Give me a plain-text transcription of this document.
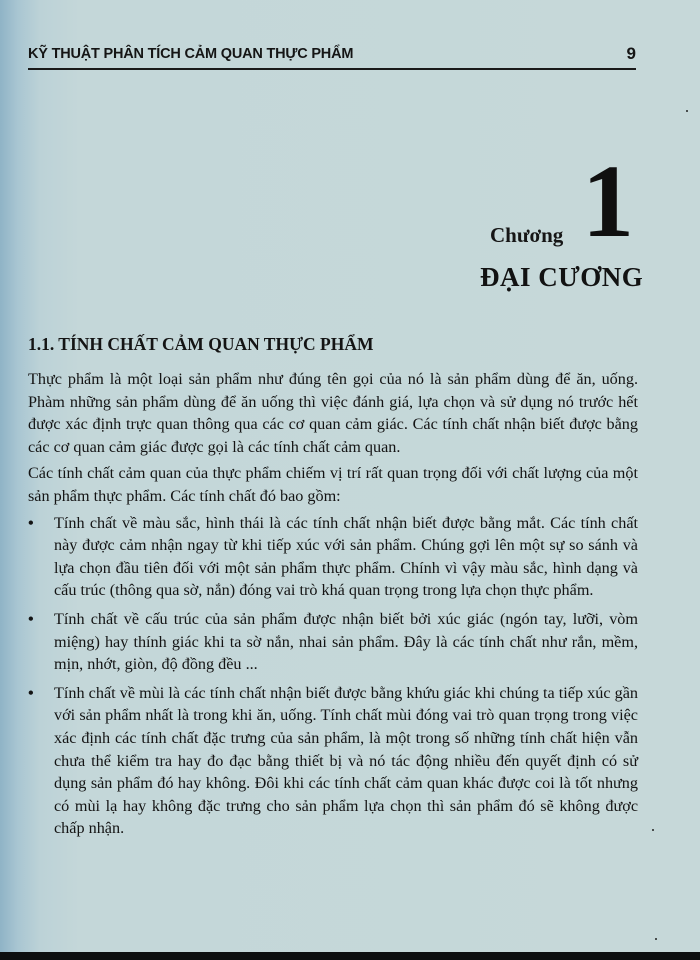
KỸ THUẬT PHÂN TÍCH CẢM QUAN THỰC PHẨM	9
Chương 1
ĐẠI CƯƠNG
1.1. TÍNH CHẤT CẢM QUAN THỰC PHẨM

Thực phẩm là một loại sản phẩm như đúng tên gọi của nó là sản phẩm dùng để ăn, uống. Phàm những sản phẩm dùng để ăn uống thì việc đánh giá, lựa chọn và sử dụng nó trước hết được xác định trực quan thông qua các cơ quan cảm giác. Các tính chất nhận biết được bằng các cơ quan cảm giác được gọi là các tính chất cảm quan.

Các tính chất cảm quan của thực phẩm chiếm vị trí rất quan trọng đối với chất lượng của một sản phẩm thực phẩm. Các tính chất đó bao gồm:

•	Tính chất về màu sắc, hình thái là các tính chất nhận biết được bằng mắt. Các tính chất này được cảm nhận ngay từ khi tiếp xúc với sản phẩm. Chúng gợi lên một sự so sánh và lựa chọn đầu tiên đối với một sản phẩm thực phẩm. Chính vì vậy màu sắc, hình dạng và cấu trúc (thông qua sờ, nắn) đóng vai trò khá quan trọng trong lựa chọn thực phẩm.
•	Tính chất về cấu trúc của sản phẩm được nhận biết bởi xúc giác (ngón tay, lưỡi, vòm miệng) hay thính giác khi ta sờ nắn, nhai sản phẩm. Đây là các tính chất như rắn, mềm, mịn, nhớt, giòn, độ đồng đều ...
•	Tính chất về mùi là các tính chất nhận biết được bằng khứu giác khi chúng ta tiếp xúc gần với sản phẩm nhất là trong khi ăn, uống. Tính chất mùi đóng vai trò quan trọng trong việc xác định các tính chất đặc trưng của sản phẩm, là một trong số những tính chất hiện vẫn chưa thể kiểm tra hay đo đạc bằng thiết bị và nó tác động nhiều đến quyết định có sử dụng sản phẩm đó hay không. Đôi khi các tính chất cảm quan khác được coi là tốt nhưng có mùi lạ hay không đặc trưng cho sản phẩm lựa chọn thì sản phẩm đó sẽ không được chấp nhận.
